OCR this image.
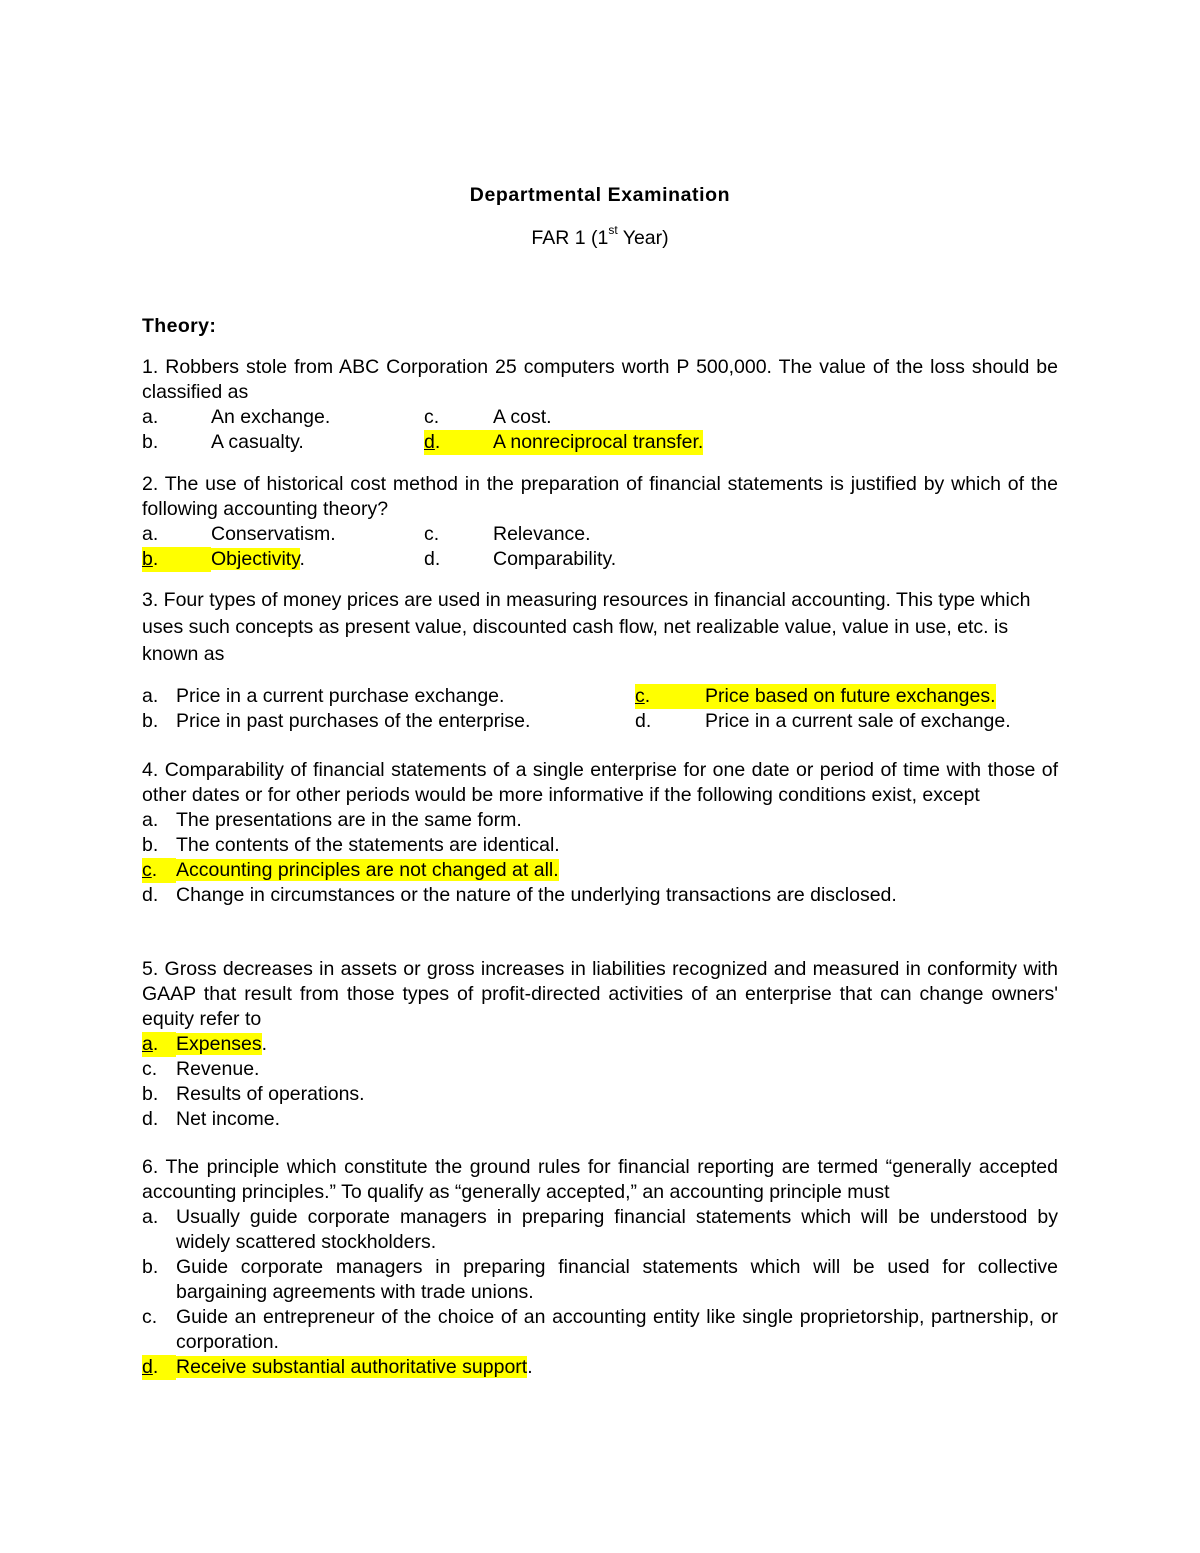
Departmental Examination
FAR 1 (1st Year)
Theory:
1. Robbers stole from ABC Corporation 25 computers worth P 500,000. The value of the loss should be classified as
a.	An exchange.	c.	A cost.
b.	A casualty.	d.	A nonreciprocal transfer.
2. The use of historical cost method in the preparation of financial statements is justified by which of the following accounting theory?
a.	Conservatism.	c.	Relevance.
b.	Objectivity.	d.	Comparability.
3. Four types of money prices are used in measuring resources in financial accounting. This type which uses such concepts as present value, discounted cash flow, net realizable value, value in use, etc. is known as
a. Price in a current purchase exchange.	c.	Price based on future exchanges.
b. Price in past purchases of the enterprise.	d.	Price in a current sale of exchange.
4. Comparability of financial statements of a single enterprise for one date or period of time with those of other dates or for other periods would be more informative if the following conditions exist, except
a. The presentations are in the same form.
b. The contents of the statements are identical.
c. Accounting principles are not changed at all.
d. Change in circumstances or the nature of the underlying transactions are disclosed.
5. Gross decreases in assets or gross increases in liabilities recognized and measured in conformity with GAAP that result from those types of profit-directed activities of an enterprise that can change owners' equity refer to
a. Expenses.
c. Revenue.
b. Results of operations.
d. Net income.
6. The principle which constitute the ground rules for financial reporting are termed “generally accepted accounting principles.” To qualify as “generally accepted,” an accounting principle must
a. Usually guide corporate managers in preparing financial statements which will be understood by widely scattered stockholders.
b. Guide corporate managers in preparing financial statements which will be used for collective bargaining agreements with trade unions.
c. Guide an entrepreneur of the choice of an accounting entity like single proprietorship, partnership, or corporation.
d. Receive substantial authoritative support.
